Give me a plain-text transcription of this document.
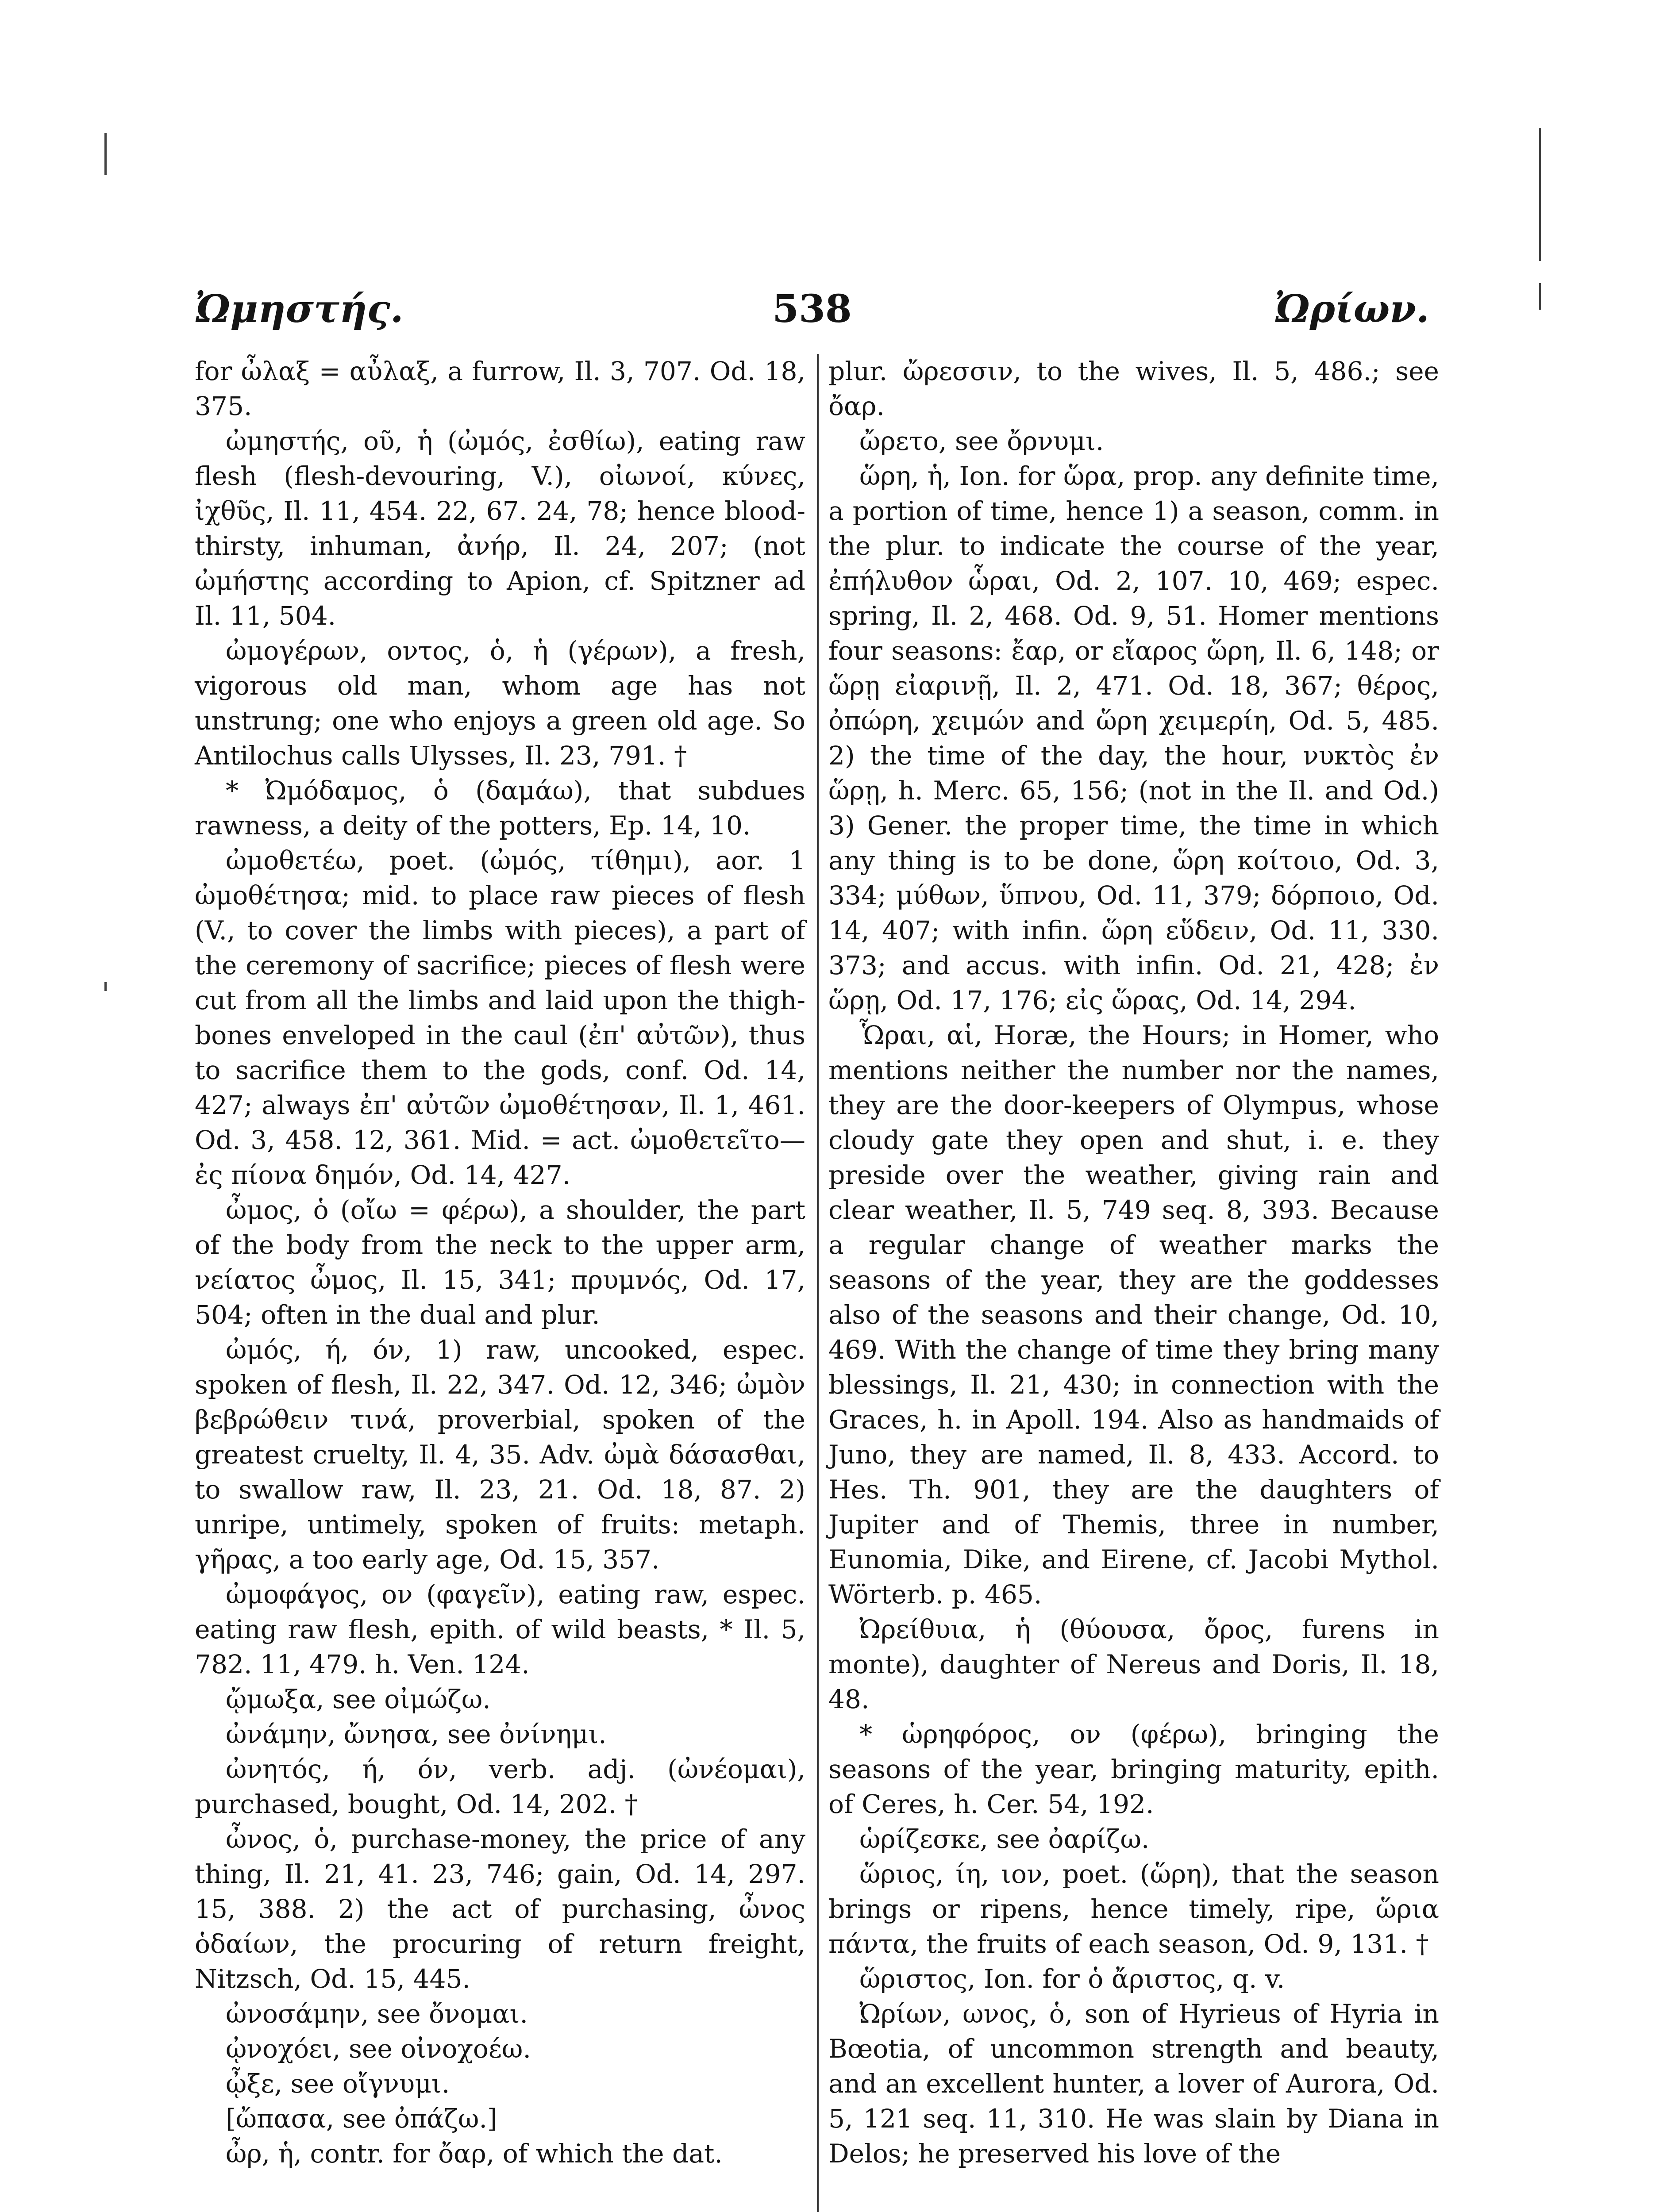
Ὠμηστής.	538	Ὠρίων.

for ὦλαξ = αὖλαξ, a furrow, Il. 3, 707. Od. 18, 375.

ὠμηστής, οῦ, ἡ (ὠμός, ἐσθίω), eating raw flesh (flesh-devouring, V.), οἰωνοί, κύνες, ἰχθῦς, Il. 11, 454. 22, 67. 24, 78; hence blood-thirsty, inhuman, ἀνήρ, Il. 24, 207; (not ὠμήστης according to Apion, cf. Spitzner ad Il. 11, 504.

ὠμογέρων, οντος, ὁ, ἡ (γέρων), a fresh, vigorous old man, whom age has not unstrung; one who enjoys a green old age. So Antilochus calls Ulysses, Il. 23, 791. †

* Ὠμόδαμος, ὁ (δαμάω), that subdues rawness, a deity of the potters, Ep. 14, 10.

ὠμοθετέω, poet. (ὠμός, τίθημι), aor. 1 ὠμοθέτησα; mid. to place raw pieces of flesh (V., to cover the limbs with pieces), a part of the ceremony of sacrifice; pieces of flesh were cut from all the limbs and laid upon the thigh-bones enveloped in the caul (ἐπ' αὐτῶν), thus to sacrifice them to the gods, conf. Od. 14, 427; always ἐπ' αὐτῶν ὠμοθέτησαν, Il. 1, 461. Od. 3, 458. 12, 361. Mid. = act. ὠμοθετεῖτο—ἐς πίονα δημόν, Od. 14, 427.

ὦμος, ὁ (οἴω = φέρω), a shoulder, the part of the body from the neck to the upper arm, νείατος ὦμος, Il. 15, 341; πρυμνός, Od. 17, 504; often in the dual and plur.

ὠμός, ή, όν, 1) raw, uncooked, espec. spoken of flesh, Il. 22, 347. Od. 12, 346; ὠμὸν βεβρώθειν τινά, proverbial, spoken of the greatest cruelty, Il. 4, 35. Adv. ὠμὰ δάσασθαι, to swallow raw, Il. 23, 21. Od. 18, 87. 2) unripe, untimely, spoken of fruits: metaph. γῆρας, a too early age, Od. 15, 357.

ὠμοφάγος, ον (φαγεῖν), eating raw, espec. eating raw flesh, epith. of wild beasts, * Il. 5, 782. 11, 479. h. Ven. 124.

ᾤμωξα, see οἰμώζω.

ὠνάμην, ὤνησα, see ὀνίνημι.

ὠνητός, ή, όν, verb. adj. (ὠνέομαι), purchased, bought, Od. 14, 202. †

ὦνος, ὁ, purchase-money, the price of any thing, Il. 21, 41. 23, 746; gain, Od. 14, 297. 15, 388. 2) the act of purchasing, ὦνος ὁδαίων, the procuring of return freight, Nitzsch, Od. 15, 445.

ὠνοσάμην, see ὄνομαι.

ᾠνοχόει, see οἰνοχοέω.

ᾦξε, see οἴγνυμι.

[ὤπασα, see ὀπάζω.]

ὦρ, ἡ, contr. for ὄαρ, of which the dat.

plur. ὤρεσσιν, to the wives, Il. 5, 486.; see ὄαρ.

ὤρετο, see ὄρνυμι.

ὥρη, ἡ, Ion. for ὥρα, prop. any definite time, a portion of time, hence 1) a season, comm. in the plur. to indicate the course of the year, ἐπήλυθον ὧραι, Od. 2, 107. 10, 469; espec. spring, Il. 2, 468. Od. 9, 51. Homer mentions four seasons: ἔαρ, or εἴαρος ὥρη, Il. 6, 148; or ὥρῃ εἰαρινῇ, Il. 2, 471. Od. 18, 367; θέρος, ὀπώρη, χειμών and ὥρη χειμερίη, Od. 5, 485. 2) the time of the day, the hour, νυκτὸς ἐν ὥρῃ, h. Merc. 65, 156; (not in the Il. and Od.) 3) Gener. the proper time, the time in which any thing is to be done, ὥρη κοίτοιο, Od. 3, 334; μύθων, ὕπνου, Od. 11, 379; δόρποιο, Od. 14, 407; with infin. ὥρη εὕδειν, Od. 11, 330. 373; and accus. with infin. Od. 21, 428; ἐν ὥρῃ, Od. 17, 176; εἰς ὥρας, Od. 14, 294.

Ὧραι, αἱ, Horæ, the Hours; in Homer, who mentions neither the number nor the names, they are the door-keepers of Olympus, whose cloudy gate they open and shut, i. e. they preside over the weather, giving rain and clear weather, Il. 5, 749 seq. 8, 393. Because a regular change of weather marks the seasons of the year, they are the goddesses also of the seasons and their change, Od. 10, 469. With the change of time they bring many blessings, Il. 21, 430; in connection with the Graces, h. in Apoll. 194. Also as handmaids of Juno, they are named, Il. 8, 433. Accord. to Hes. Th. 901, they are the daughters of Jupiter and of Themis, three in number, Eunomia, Dike, and Eirene, cf. Jacobi Mythol. Wörterb. p. 465.

Ὠρείθυια, ἡ (θύουσα, ὄρος, furens in monte), daughter of Nereus and Doris, Il. 18, 48.

* ὡρηφόρος, ον (φέρω), bringing the seasons of the year, bringing maturity, epith. of Ceres, h. Cer. 54, 192.

ὡρίζεσκε, see ὀαρίζω.

ὥριος, ίη, ιον, poet. (ὥρη), that the season brings or ripens, hence timely, ripe, ὥρια πάντα, the fruits of each season, Od. 9, 131. †

ὥριστος, Ion. for ὁ ἄριστος, q. v.

Ὠρίων, ωνος, ὁ, son of Hyrieus of Hyria in Bœotia, of uncommon strength and beauty, and an excellent hunter, a lover of Aurora, Od. 5, 121 seq. 11, 310. He was slain by Diana in Delos; he preserved his love of the
